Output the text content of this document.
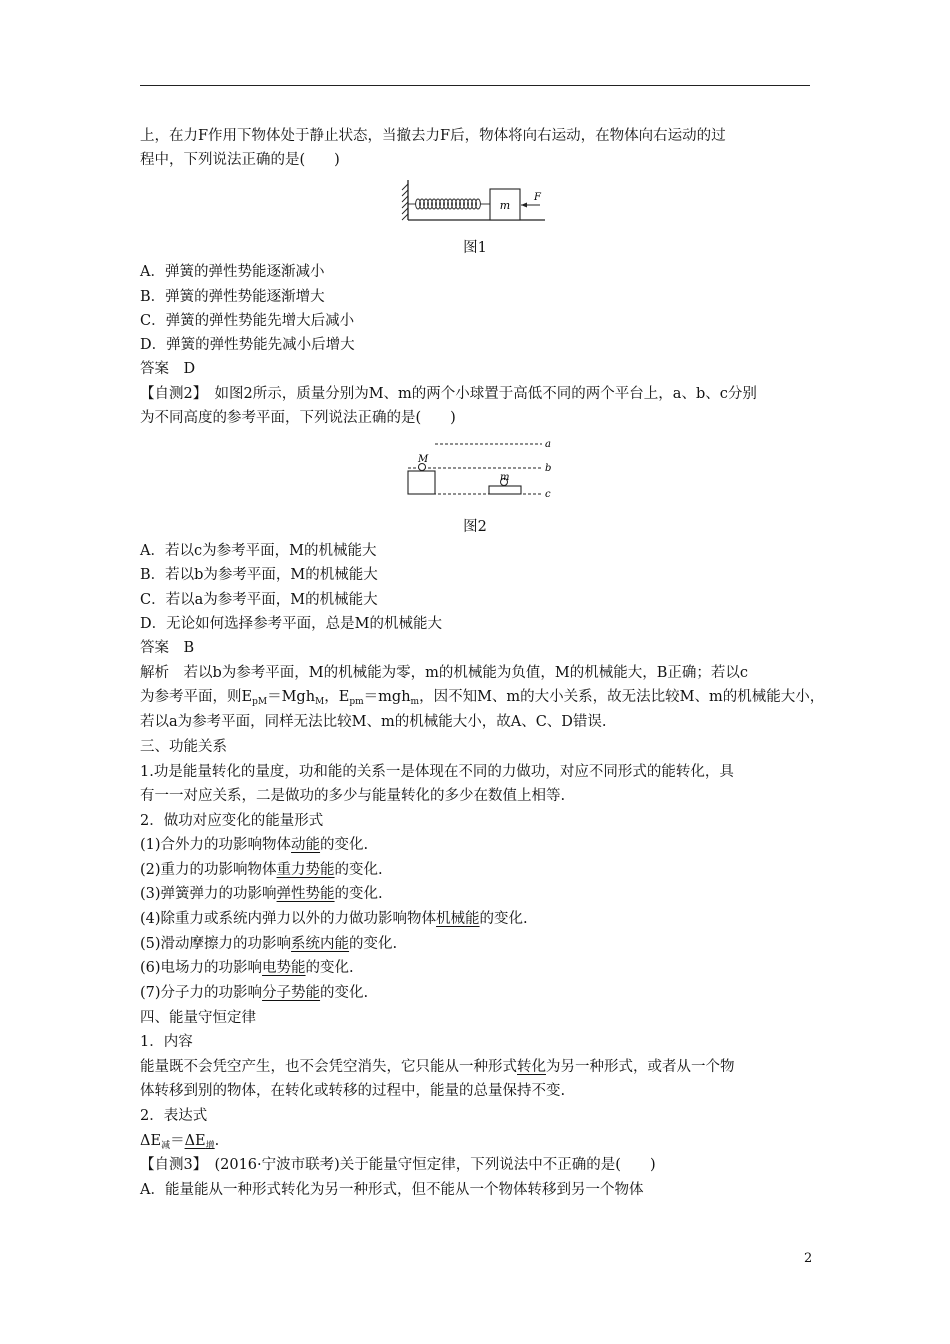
上，在力F作用下物体处于静止状态，当撤去力F后，物体将向右运动，在物体向右运动的过
程中，下列说法正确的是(　　)
m
F
图1
A．弹簧的弹性势能逐渐减小
B．弹簧的弹性势能逐渐增大
C．弹簧的弹性势能先增大后减小
D．弹簧的弹性势能先减小后增大
答案　D
【自测2】　如图2所示，质量分别为M、m的两个小球置于高低不同的两个平台上，a、b、c分别
为不同高度的参考平面，下列说法正确的是(　　)
M
m
a
b
c
图2
A．若以c为参考平面，M的机械能大
B．若以b为参考平面，M的机械能大
C．若以a为参考平面，M的机械能大
D．无论如何选择参考平面，总是M的机械能大
答案　B
解析　若以b为参考平面，M的机械能为零，m的机械能为负值，M的机械能大，B正确；若以c
为参考平面，则$E_{pM}=Mgh_M$，$E_{pm}=mgh_m$，因不知M、m的大小关系，故无法比较M、m的机械能大小，
若以a为参考平面，同样无法比较M、m的机械能大小，故A、C、D错误.
三、功能关系
1.功是能量转化的量度，功和能的关系一是体现在不同的力做功，对应不同形式的能转化，具
有一一对应关系，二是做功的多少与能量转化的多少在数值上相等.
2．做功对应变化的能量形式
(1)合外力的功影响物体动能的变化.
(2)重力的功影响物体重力势能的变化.
(3)弹簧弹力的功影响弹性势能的变化.
(4)除重力或系统内弹力以外的力做功影响物体机械能的变化.
(5)滑动摩擦力的功影响系统内能的变化.
(6)电场力的功影响电势能的变化.
(7)分子力的功影响分子势能的变化.
四、能量守恒定律
1．内容
能量既不会凭空产生，也不会凭空消失，它只能从一种形式转化为另一种形式，或者从一个物
体转移到别的物体，在转化或转移的过程中，能量的总量保持不变.
2．表达式
$\Delta E_减=\Delta E_增$.
【自测3】　(2016·宁波市联考)关于能量守恒定律，下列说法中不正确的是(　　)
A．能量能从一种形式转化为另一种形式，但不能从一个物体转移到另一个物体
2
